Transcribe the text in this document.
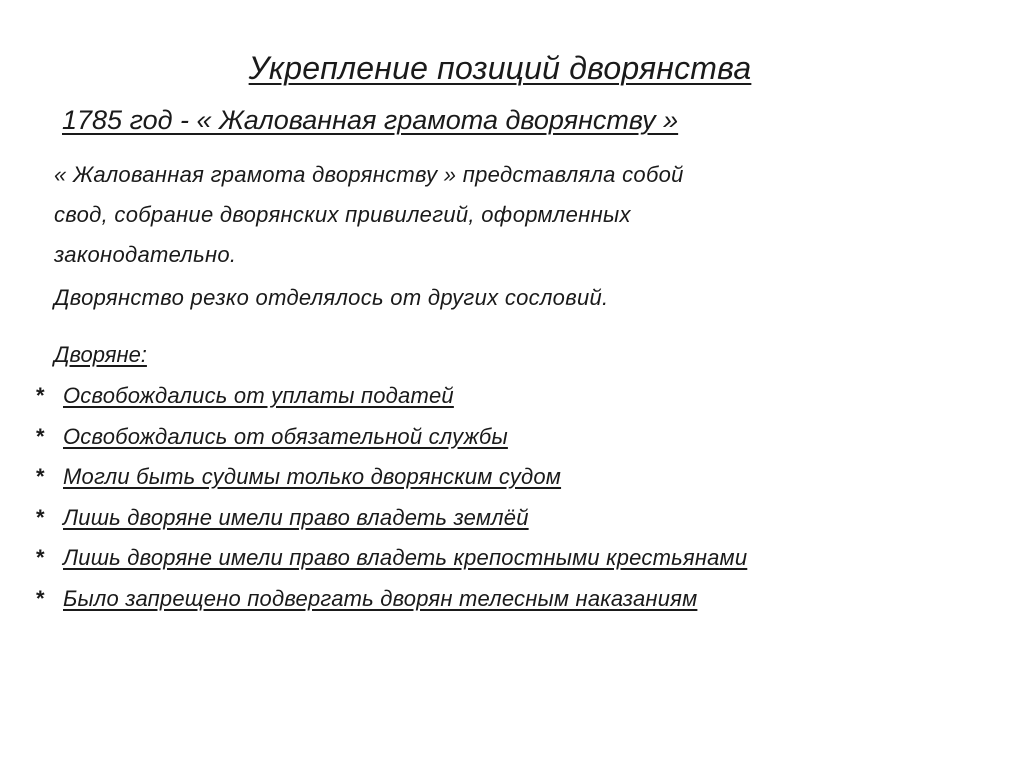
Укрепление позиций дворянства
1785 год - « Жалованная грамота дворянству »
« Жалованная грамота дворянству » представляла собой
свод, собрание дворянских привилегий, оформленных
законодательно.
Дворянство резко отделялось от других сословий.
Дворяне:
* Освобождались от уплаты податей
* Освобождались от обязательной службы
* Могли быть судимы только дворянским судом
* Лишь дворяне имели право владеть землёй
* Лишь дворяне имели право владеть крепостными крестьянами
* Было запрещено подвергать дворян телесным наказаниям
